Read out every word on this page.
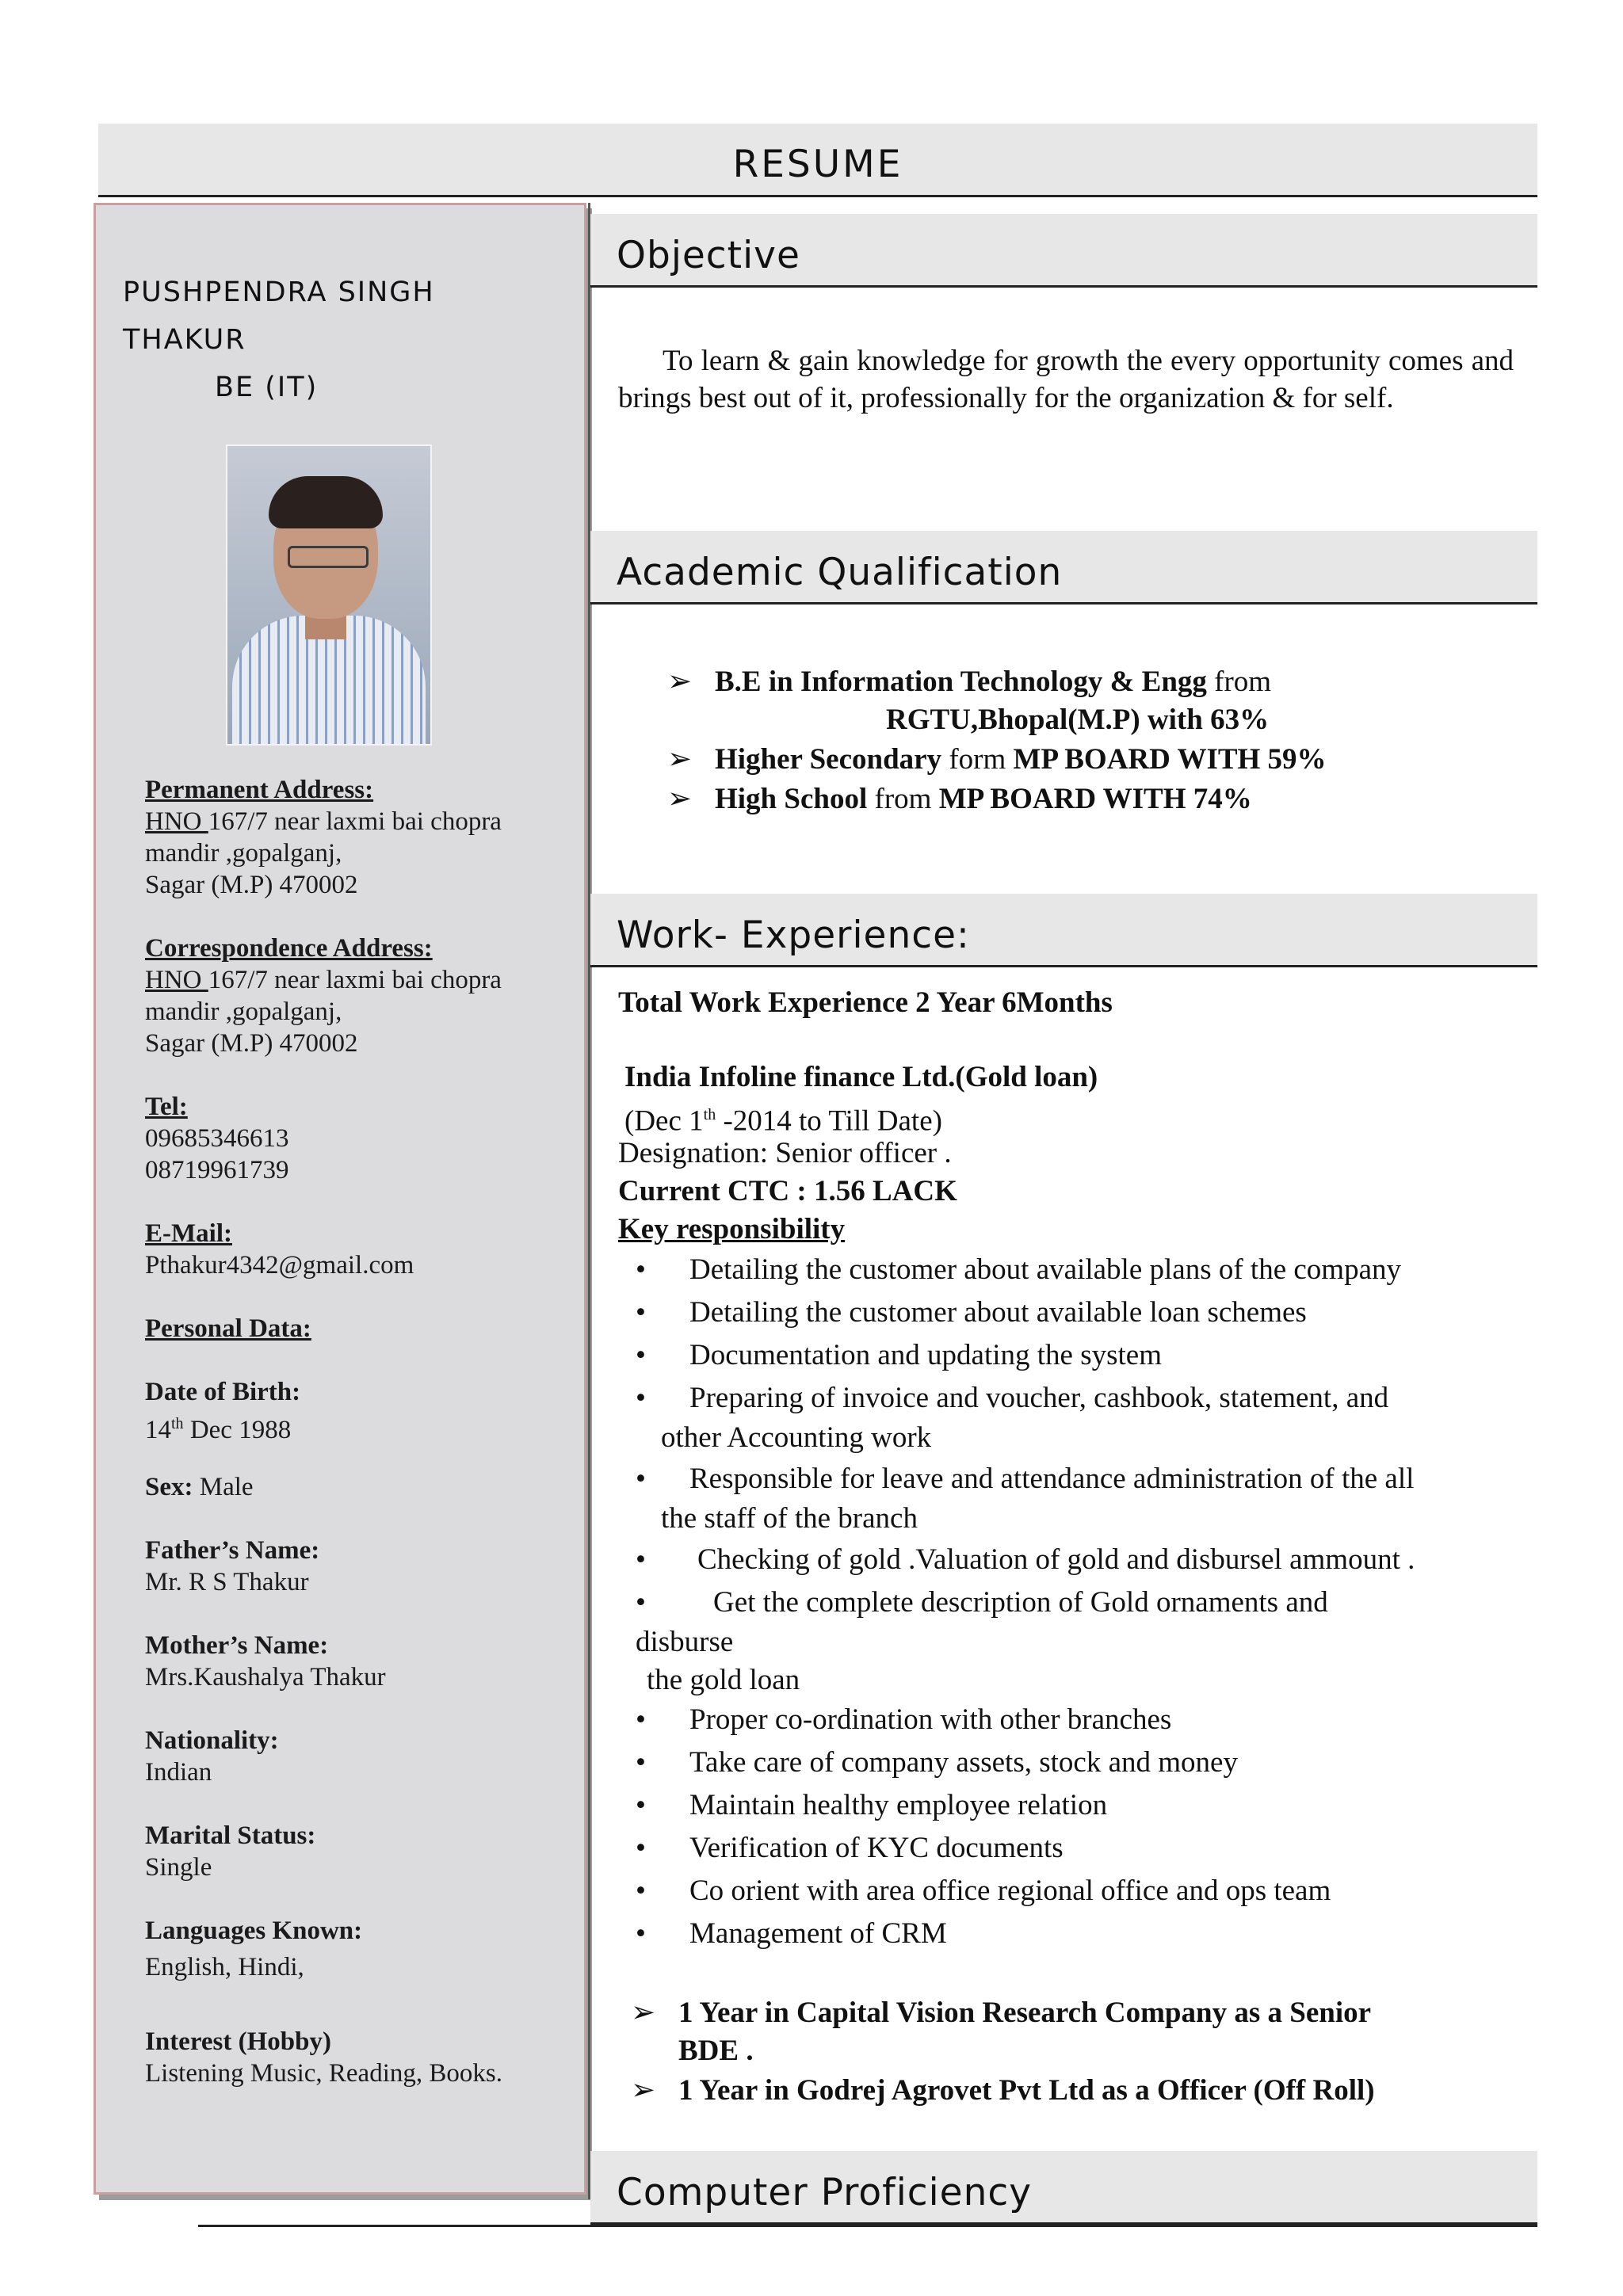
RESUME
PUSHPENDRA SINGH
THAKUR

BE (IT)
Permanent Address:
HNO 167/7 near laxmi bai chopra
mandir ,gopalganj,
Sagar (M.P) 470002
Correspondence Address:
HNO 167/7 near laxmi bai chopra
mandir ,gopalganj,
Sagar (M.P) 470002
Tel:
09685346613
08719961739
E-Mail:
Pthakur4342@gmail.com
Personal Data:
Date of Birth:
14th Dec 1988
Sex: Male
Father’s Name:
Mr. R S Thakur
Mother’s Name:
Mrs.Kaushalya Thakur
Nationality:
Indian
Marital Status:
Single
Languages Known:
English, Hindi,
Interest (Hobby)
Listening Music, Reading, Books.
Objective
To learn & gain knowledge for growth the every opportunity comes and brings best out of it, professionally for the organization & for self.
Academic Qualification
➢ B.E in Information Technology & Engg from
RGTU,Bhopal(M.P) with 63%
➢ Higher Secondary form MP BOARD WITH 59%
➢ High School from MP BOARD WITH 74%
Work- Experience:
Total Work Experience 2 Year 6Months
India Infoline finance Ltd.(Gold loan)
(Dec 1th -2014 to Till Date)
Designation: Senior officer .
Current CTC : 1.56 LACK
Key responsibility
• Detailing the customer about available plans of the company
• Detailing the customer about available loan schemes
• Documentation and updating the system
• Preparing of invoice and voucher, cashbook, statement, and
other Accounting work
• Responsible for leave and attendance administration of the all
the staff of the branch
• Checking of gold .Valuation of gold and disbursel ammount .
• Get the complete description of Gold ornaments and
disburse
the gold loan
• Proper co-ordination with other branches
• Take care of company assets, stock and money
• Maintain healthy employee relation
• Verification of KYC documents
• Co orient with area office regional office and ops team
• Management of CRM
➢ 1 Year in Capital Vision Research Company as a Senior
BDE .
➢ 1 Year in Godrej Agrovet Pvt Ltd as a Officer (Off Roll)
Computer Proficiency
